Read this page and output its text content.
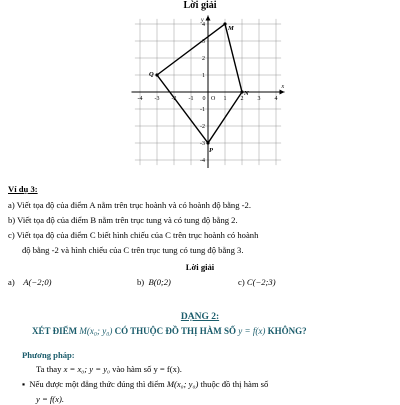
Lời giải
x
y
-4 -3 -2 -1	1 2 3 4
0 O
4
3
2
1
-1
-2
-3
-4
Q
M
N
P
Ví dụ 3:
a) Viết tọa độ của điểm A nằm trên trục hoành và có hoành độ bằng -2.
b) Viết tọa độ của điểm B nằm trên trục tung và có tung độ bằng 2.
c) Viết tọa độ của điểm C biết hình chiếu của C trên trục hoành có hoành
độ bằng -2 và hình chiếu của C trên trục tung có tung độ bằng 3.
Lời giải
a) A(−2;0)	b) B(0;2)	c) C(−2;3)
DẠNG 2:
XÉT ĐIỂM M(x₀; y₀) CÓ THUỘC ĐỒ THỊ HÀM SỐ y = f(x) KHÔNG?
Phương pháp:
Ta thay x = x₀; y = y₀ vào hàm số y = f(x).
▪ Nếu được một đẳng thức đúng thì điểm M(x₀; y₀) thuộc đồ thị hàm số
y = f(x).
